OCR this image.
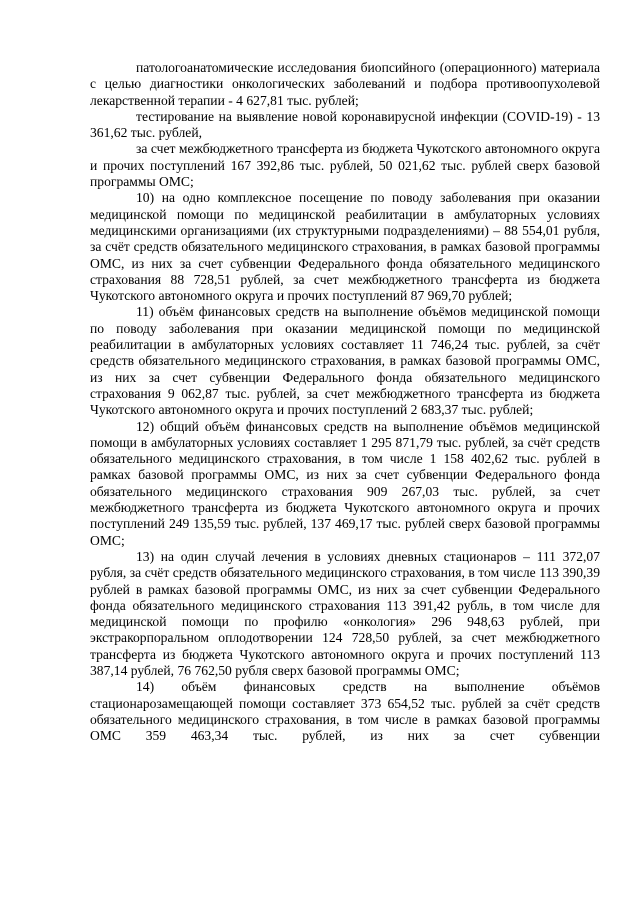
патологоанатомические исследования биопсийного (операционного) материала с целью диагностики онкологических заболеваний и подбора противоопухолевой лекарственной терапии - 4 627,81 тыс. рублей;

тестирование на выявление новой коронавирусной инфекции (COVID-19) - 13 361,62 тыс. рублей,

за счет межбюджетного трансферта из бюджета Чукотского автономного округа и прочих поступлений 167 392,86 тыс. рублей, 50 021,62 тыс. рублей сверх базовой программы ОМС;

10) на одно комплексное посещение по поводу заболевания при оказании медицинской помощи по медицинской реабилитации в амбулаторных условиях медицинскими организациями (их структурными подразделениями) – 88 554,01 рубля, за счёт средств обязательного медицинского страхования, в рамках базовой программы ОМС, из них за счет субвенции Федерального фонда обязательного медицинского страхования 88 728,51 рублей, за счет межбюджетного трансферта из бюджета Чукотского автономного округа и прочих поступлений 87 969,70 рублей;

11) объём финансовых средств на выполнение объёмов медицинской помощи по поводу заболевания при оказании медицинской помощи по медицинской реабилитации в амбулаторных условиях составляет 11 746,24 тыс. рублей, за счёт средств обязательного медицинского страхования, в рамках базовой программы ОМС, из них за счет субвенции Федерального фонда обязательного медицинского страхования 9 062,87 тыс. рублей, за счет межбюджетного трансферта из бюджета Чукотского автономного округа и прочих поступлений 2 683,37 тыс. рублей;

12) общий объём финансовых средств на выполнение объёмов медицинской помощи в амбулаторных условиях составляет 1 295 871,79 тыс. рублей, за счёт средств обязательного медицинского страхования, в том числе 1 158 402,62 тыс. рублей в рамках базовой программы ОМС, из них за счет субвенции Федерального фонда обязательного медицинского страхования 909 267,03 тыс. рублей, за счет межбюджетного трансферта из бюджета Чукотского автономного округа и прочих поступлений 249 135,59 тыс. рублей, 137 469,17 тыс. рублей сверх базовой программы ОМС;

13) на один случай лечения в условиях дневных стационаров – 111 372,07 рубля, за счёт средств обязательного медицинского страхования, в том числе 113 390,39 рублей в рамках базовой программы ОМС, из них за счет субвенции Федерального фонда обязательного медицинского страхования 113 391,42 рубль, в том числе для медицинской помощи по профилю «онкология» 296 948,63 рублей, при экстракорпоральном оплодотворении 124 728,50 рублей, за счет межбюджетного трансферта из бюджета Чукотского автономного округа и прочих поступлений 113 387,14 рублей, 76 762,50 рубля сверх базовой программы ОМС;

14) объём финансовых средств на выполнение объёмов стационарозамещающей помощи составляет 373 654,52 тыс. рублей за счёт средств обязательного медицинского страхования, в том числе в рамках базовой программы ОМС 359 463,34 тыс. рублей, из них за счет субвенции
